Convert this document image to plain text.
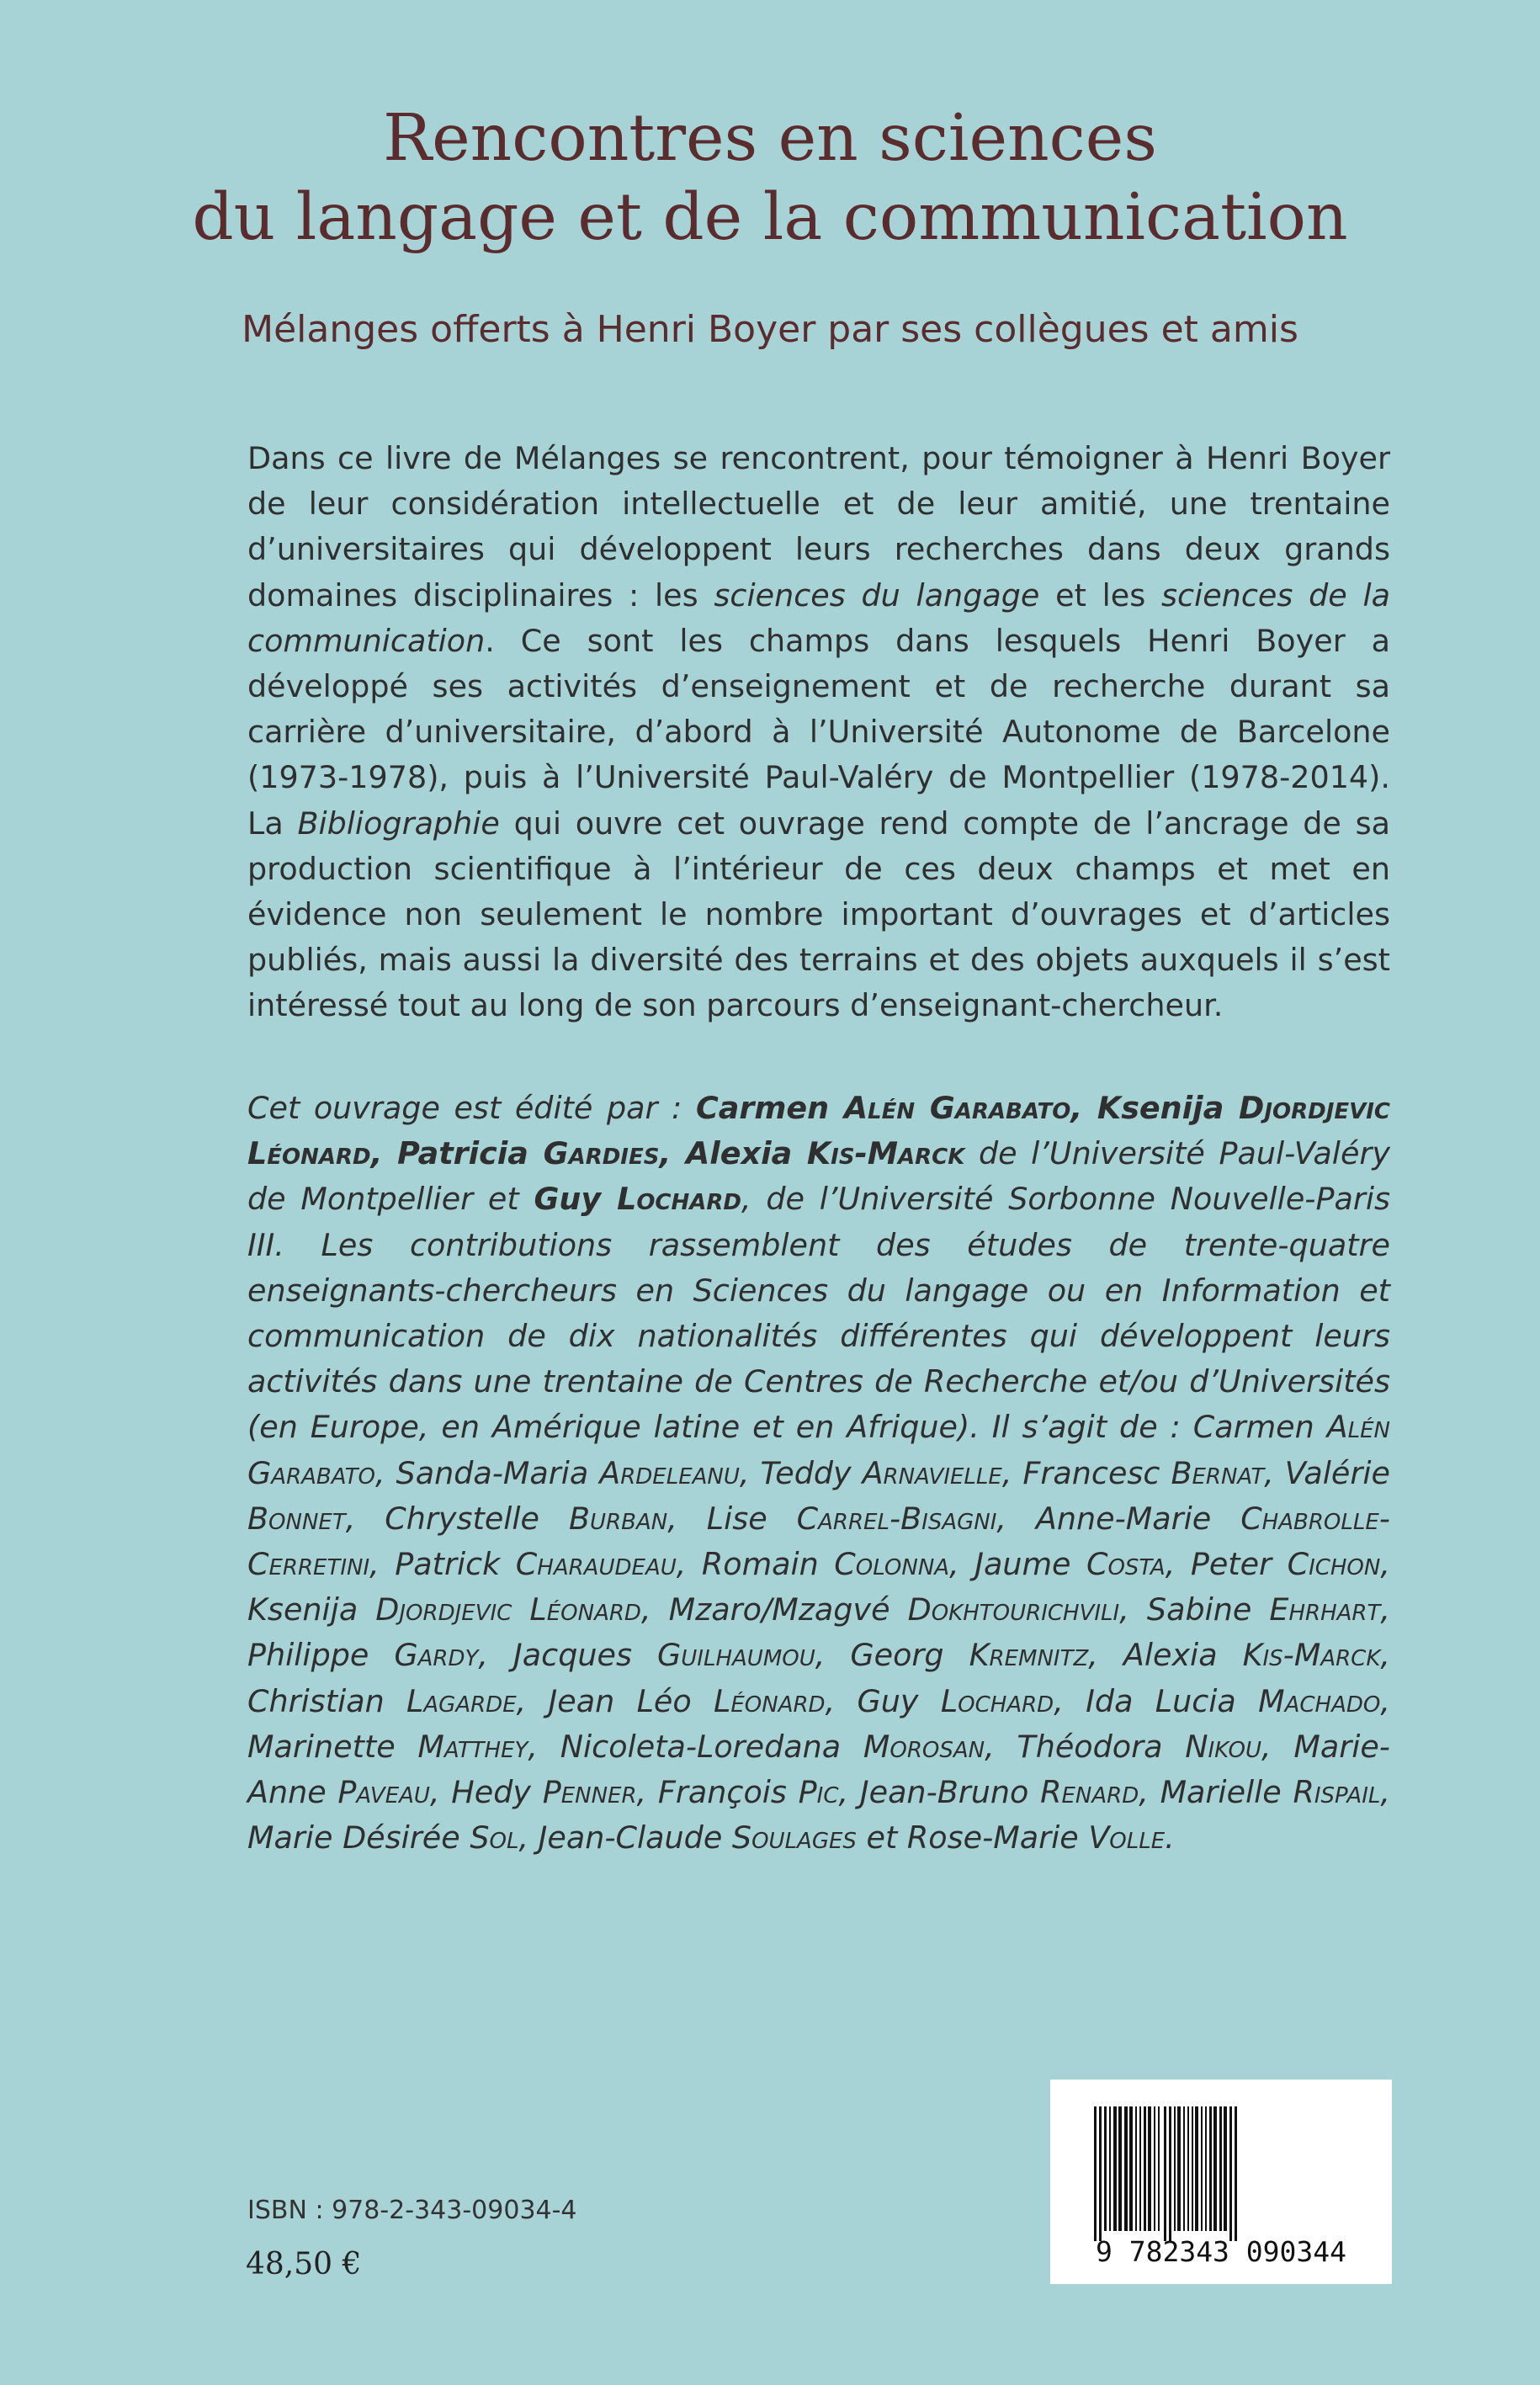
Rencontres en sciences
du langage et de la communication

Mélanges offerts à Henri Boyer par ses collègues et amis

Dans ce livre de Mélanges se rencontrent, pour témoigner à Henri Boyer de leur considération intellectuelle et de leur amitié, une trentaine d’universitaires qui développent leurs recherches dans deux grands domaines disciplinaires : les sciences du langage et les sciences de la communication. Ce sont les champs dans lesquels Henri Boyer a développé ses activités d’enseignement et de recherche durant sa carrière d’universitaire, d’abord à l’Université Autonome de Barcelone (1973-1978), puis à l’Université Paul-Valéry de Montpellier (1978-2014). La Bibliographie qui ouvre cet ouvrage rend compte de l’ancrage de sa production scientifique à l’intérieur de ces deux champs et met en évidence non seulement le nombre important d’ouvrages et d’articles publiés, mais aussi la diversité des terrains et des objets auxquels il s’est intéressé tout au long de son parcours d’enseignant-chercheur.

Cet ouvrage est édité par : Carmen Alén Garabato, Ksenija Djordjevic Léonard, Patricia Gardies, Alexia Kis-Marck de l’Université Paul-Valéry de Montpellier et Guy Lochard, de l’Université Sorbonne Nouvelle-Paris III. Les contributions rassemblent des études de trente-quatre enseignants-chercheurs en Sciences du langage ou en Information et communication de dix nationalités différentes qui développent leurs activités dans une trentaine de Centres de Recherche et/ou d’Universités (en Europe, en Amérique latine et en Afrique). Il s’agit de : Carmen Alén Garabato, Sanda-Maria Ardeleanu, Teddy Arnavielle, Francesc Bernat, Valérie Bonnet, Chrystelle Burban, Lise Carrel-Bisagni, Anne-Marie Chabrolle-Cerretini, Patrick Charaudeau, Romain Colonna, Jaume Costa, Peter Cichon, Ksenija Djordjevic Léonard, Mzaro/Mzagvé Dokhtourichvili, Sabine Ehrhart, Philippe Gardy, Jacques Guilhaumou, Georg Kremnitz, Alexia Kis-Marck, Christian Lagarde, Jean Léo Léonard, Guy Lochard, Ida Lucia Machado, Marinette Matthey, Nicoleta-Loredana Morosan, Théodora Nikou, Marie-Anne Paveau, Hedy Penner, François Pic, Jean-Bruno Renard, Marielle Rispail, Marie Désirée Sol, Jean-Claude Soulages et Rose-Marie Volle.

ISBN : 978-2-343-09034-4
48,50 €	9 782343 090344
